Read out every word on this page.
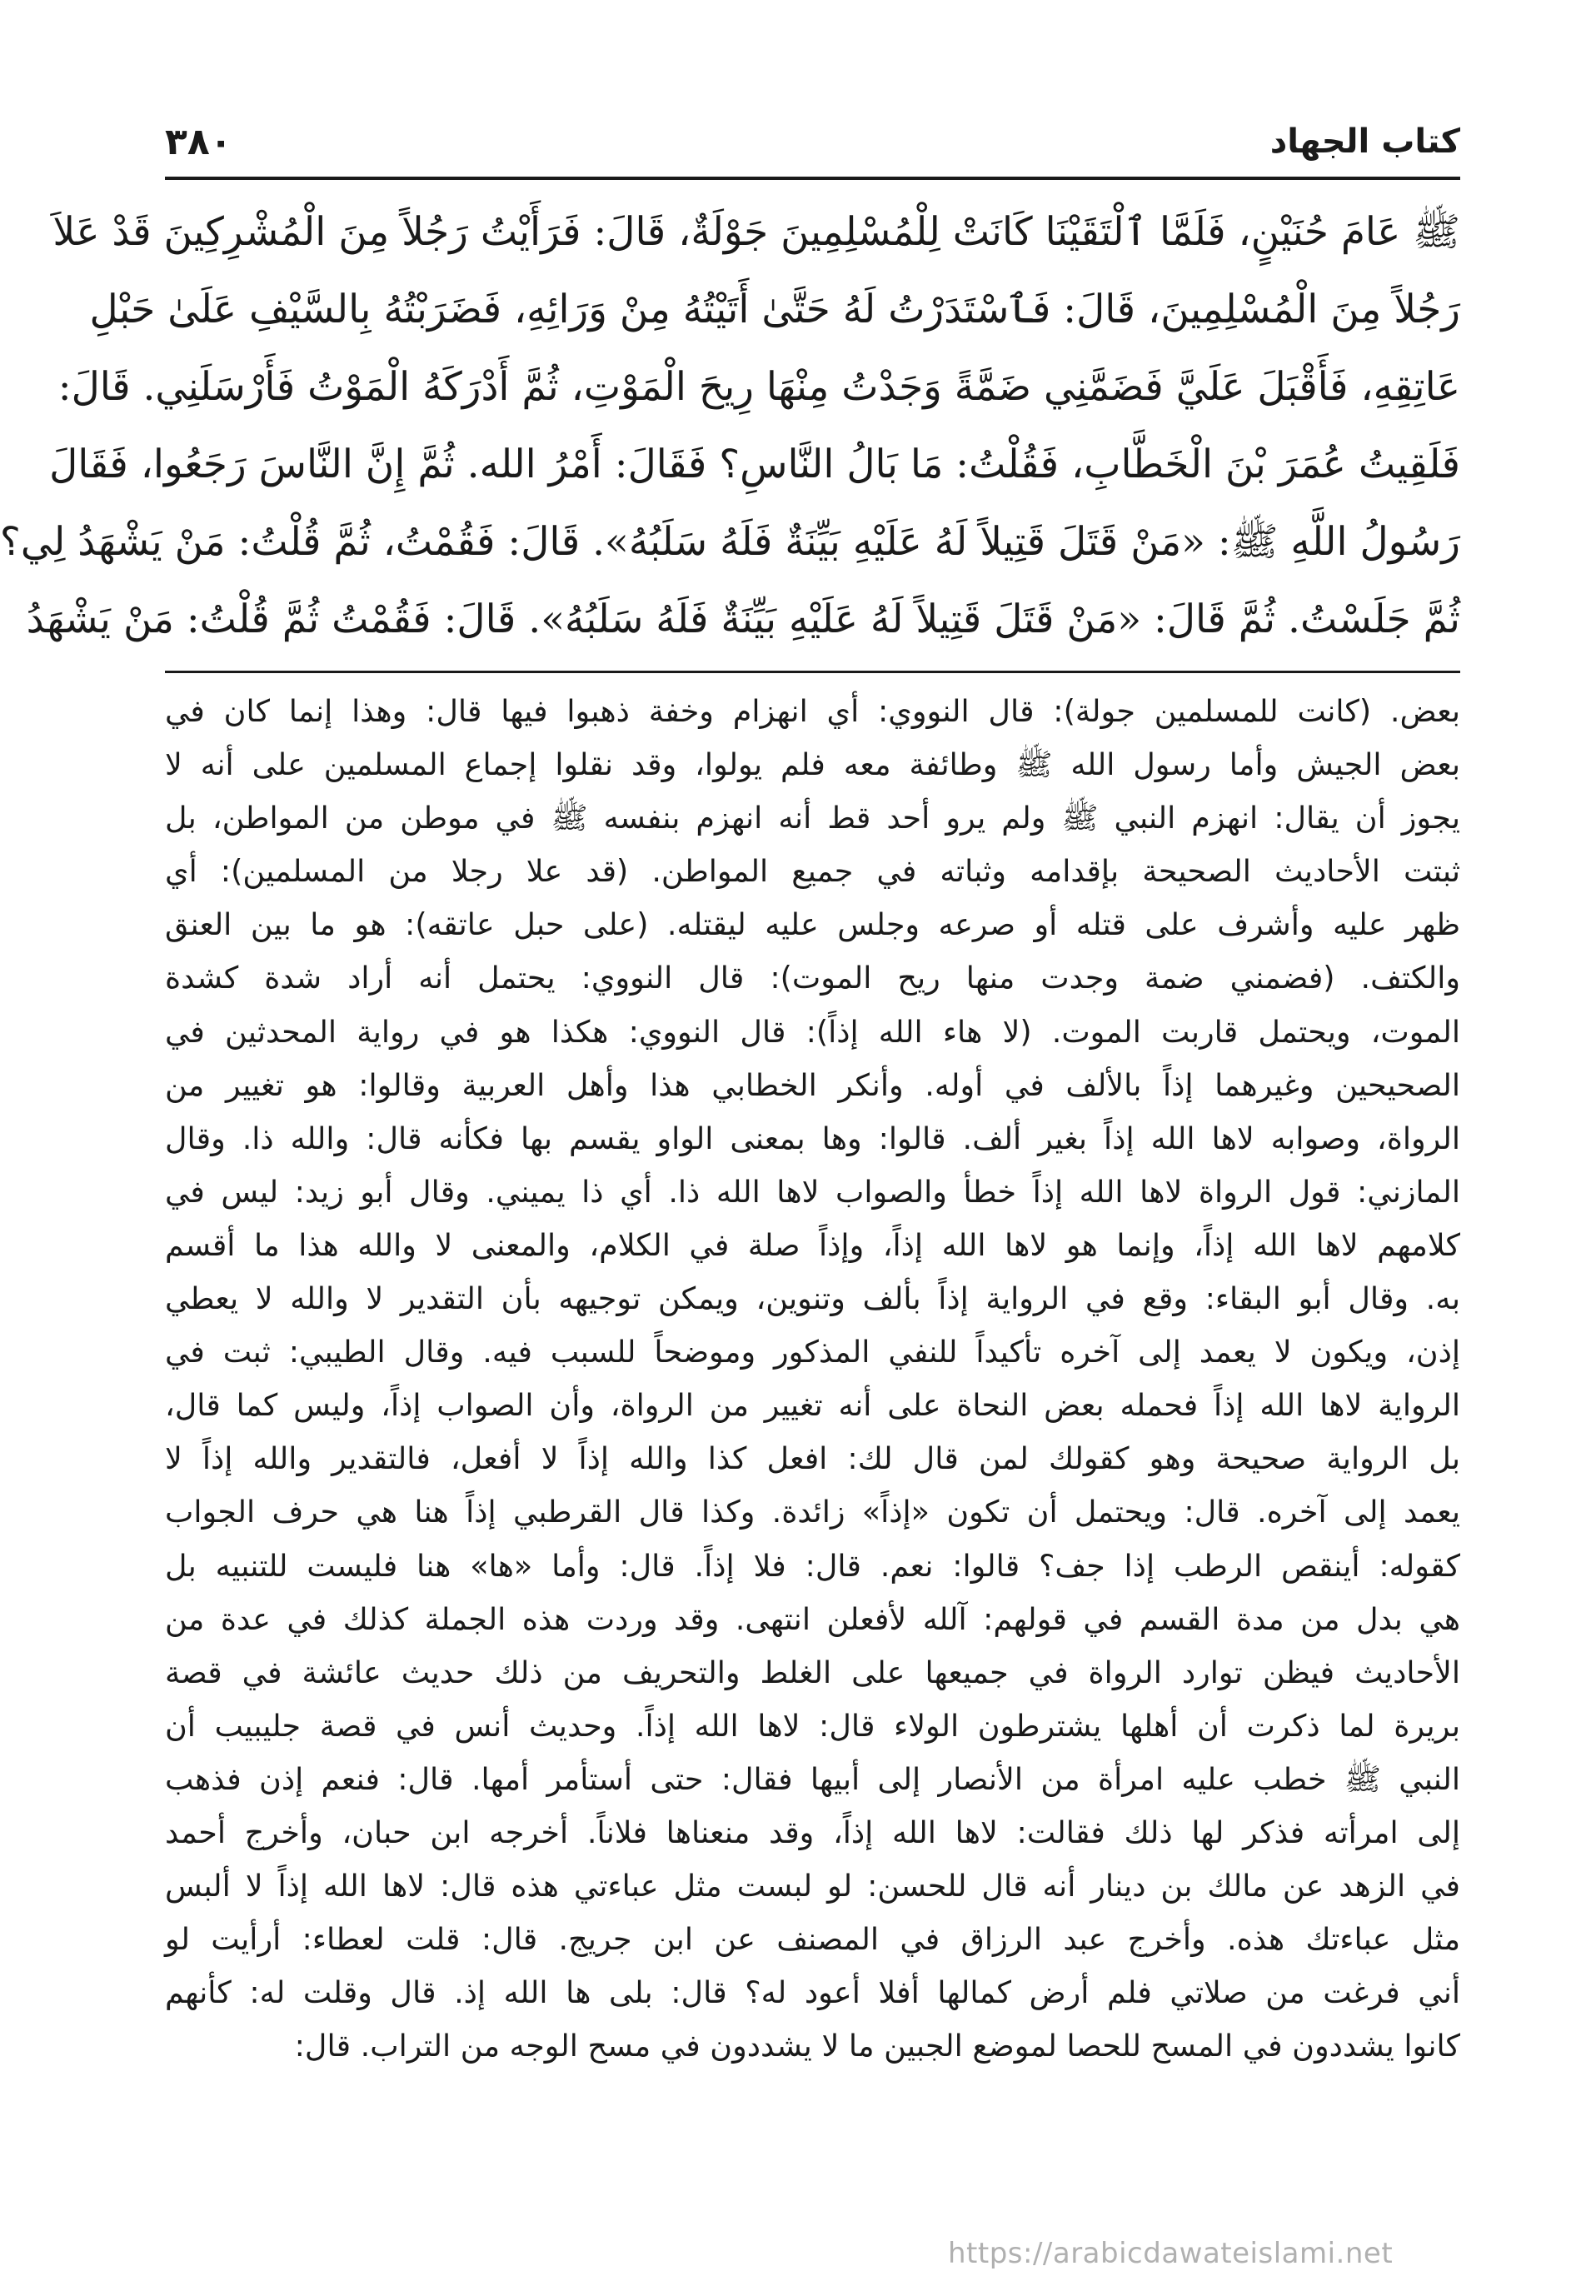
كتاب الجهاد
٣٨٠
ﷺ عَامَ حُنَيْنٍ، فَلَمَّا ٱلْتَقَيْنَا كَانَتْ لِلْمُسْلِمِينَ جَوْلَةٌ، قَالَ: فَرَأَيْتُ رَجُلاً مِنَ الْمُشْرِكِينَ قَدْ عَلاَ
رَجُلاً مِنَ الْمُسْلِمِينَ، قَالَ: فَٱسْتَدَرْتُ لَهُ حَتَّىٰ أَتَيْتُهُ مِنْ وَرَائِهِ، فَضَرَبْتُهُ بِالسَّيْفِ عَلَىٰ حَبْلِ
عَاتِقِهِ، فَأَقْبَلَ عَلَيَّ فَضَمَّنِي ضَمَّةً وَجَدْتُ مِنْهَا رِيحَ الْمَوْتِ، ثُمَّ أَدْرَكَهُ الْمَوْتُ فَأَرْسَلَنِي. قَالَ:
فَلَقِيتُ عُمَرَ بْنَ الْخَطَّابِ، فَقُلْتُ: مَا بَالُ النَّاسِ؟ فَقَالَ: أَمْرُ الله. ثُمَّ إِنَّ النَّاسَ رَجَعُوا، فَقَالَ
رَسُولُ اللَّهِ ﷺ: «مَنْ قَتَلَ قَتِيلاً لَهُ عَلَيْهِ بَيِّنَةٌ فَلَهُ سَلَبُهُ». قَالَ: فَقُمْتُ، ثُمَّ قُلْتُ: مَنْ يَشْهَدُ لِي؟
ثُمَّ جَلَسْتُ. ثُمَّ قَالَ: «مَنْ قَتَلَ قَتِيلاً لَهُ عَلَيْهِ بَيِّنَةٌ فَلَهُ سَلَبُهُ». قَالَ: فَقُمْتُ ثُمَّ قُلْتُ: مَنْ يَشْهَدُ
بعض. (كانت للمسلمين جولة): قال النووي: أي انهزام وخفة ذهبوا فيها قال: وهذا إنما كان في
بعض الجيش وأما رسول الله ﷺ وطائفة معه فلم يولوا، وقد نقلوا إجماع المسلمين على أنه لا
يجوز أن يقال: انهزم النبي ﷺ ولم يرو أحد قط أنه انهزم بنفسه ﷺ في موطن من المواطن، بل
ثبتت الأحاديث الصحيحة بإقدامه وثباته في جميع المواطن. (قد علا رجلا من المسلمين): أي
ظهر عليه وأشرف على قتله أو صرعه وجلس عليه ليقتله. (على حبل عاتقه): هو ما بين العنق
والكتف. (فضمني ضمة وجدت منها ريح الموت): قال النووي: يحتمل أنه أراد شدة كشدة
الموت، ويحتمل قاربت الموت. (لا هاء الله إذاً): قال النووي: هكذا هو في رواية المحدثين في
الصحيحين وغيرهما إذاً بالألف في أوله. وأنكر الخطابي هذا وأهل العربية وقالوا: هو تغيير من
الرواة، وصوابه لاها الله إذاً بغير ألف. قالوا: وها بمعنى الواو يقسم بها فكأنه قال: والله ذا. وقال
المازني: قول الرواة لاها الله إذاً خطأ والصواب لاها الله ذا. أي ذا يميني. وقال أبو زيد: ليس في
كلامهم لاها الله إذاً، وإنما هو لاها الله إذاً، وإذاً صلة في الكلام، والمعنى لا والله هذا ما أقسم
به. وقال أبو البقاء: وقع في الرواية إذاً بألف وتنوين، ويمكن توجيهه بأن التقدير لا والله لا يعطي
إذن، ويكون لا يعمد إلى آخره تأكيداً للنفي المذكور وموضحاً للسبب فيه. وقال الطيبي: ثبت في
الرواية لاها الله إذاً فحمله بعض النحاة على أنه تغيير من الرواة، وأن الصواب إذاً، وليس كما قال،
بل الرواية صحيحة وهو كقولك لمن قال لك: افعل كذا والله إذاً لا أفعل، فالتقدير والله إذاً لا
يعمد إلى آخره. قال: ويحتمل أن تكون «إذاً» زائدة. وكذا قال القرطبي إذاً هنا هي حرف الجواب
كقوله: أينقص الرطب إذا جف؟ قالوا: نعم. قال: فلا إذاً. قال: وأما «ها» هنا فليست للتنبيه بل
هي بدل من مدة القسم في قولهم: آلله لأفعلن انتهى. وقد وردت هذه الجملة كذلك في عدة من
الأحاديث فيظن توارد الرواة في جميعها على الغلط والتحريف من ذلك حديث عائشة في قصة
بريرة لما ذكرت أن أهلها يشترطون الولاء قال: لاها الله إذاً. وحديث أنس في قصة جليبيب أن
النبي ﷺ خطب عليه امرأة من الأنصار إلى أبيها فقال: حتى أستأمر أمها. قال: فنعم إذن فذهب
إلى امرأته فذكر لها ذلك فقالت: لاها الله إذاً، وقد منعناها فلاناً. أخرجه ابن حبان، وأخرج أحمد
في الزهد عن مالك بن دينار أنه قال للحسن: لو لبست مثل عباءتي هذه قال: لاها الله إذاً لا ألبس
مثل عباءتك هذه. وأخرج عبد الرزاق في المصنف عن ابن جريج. قال: قلت لعطاء: أرأيت لو
أني فرغت من صلاتي فلم أرض كمالها أفلا أعود له؟ قال: بلى ها الله إذ. قال وقلت له: كأنهم
كانوا يشددون في المسح للحصا لموضع الجبين ما لا يشددون في مسح الوجه من التراب. قال:
https://arabicdawateislami.net
